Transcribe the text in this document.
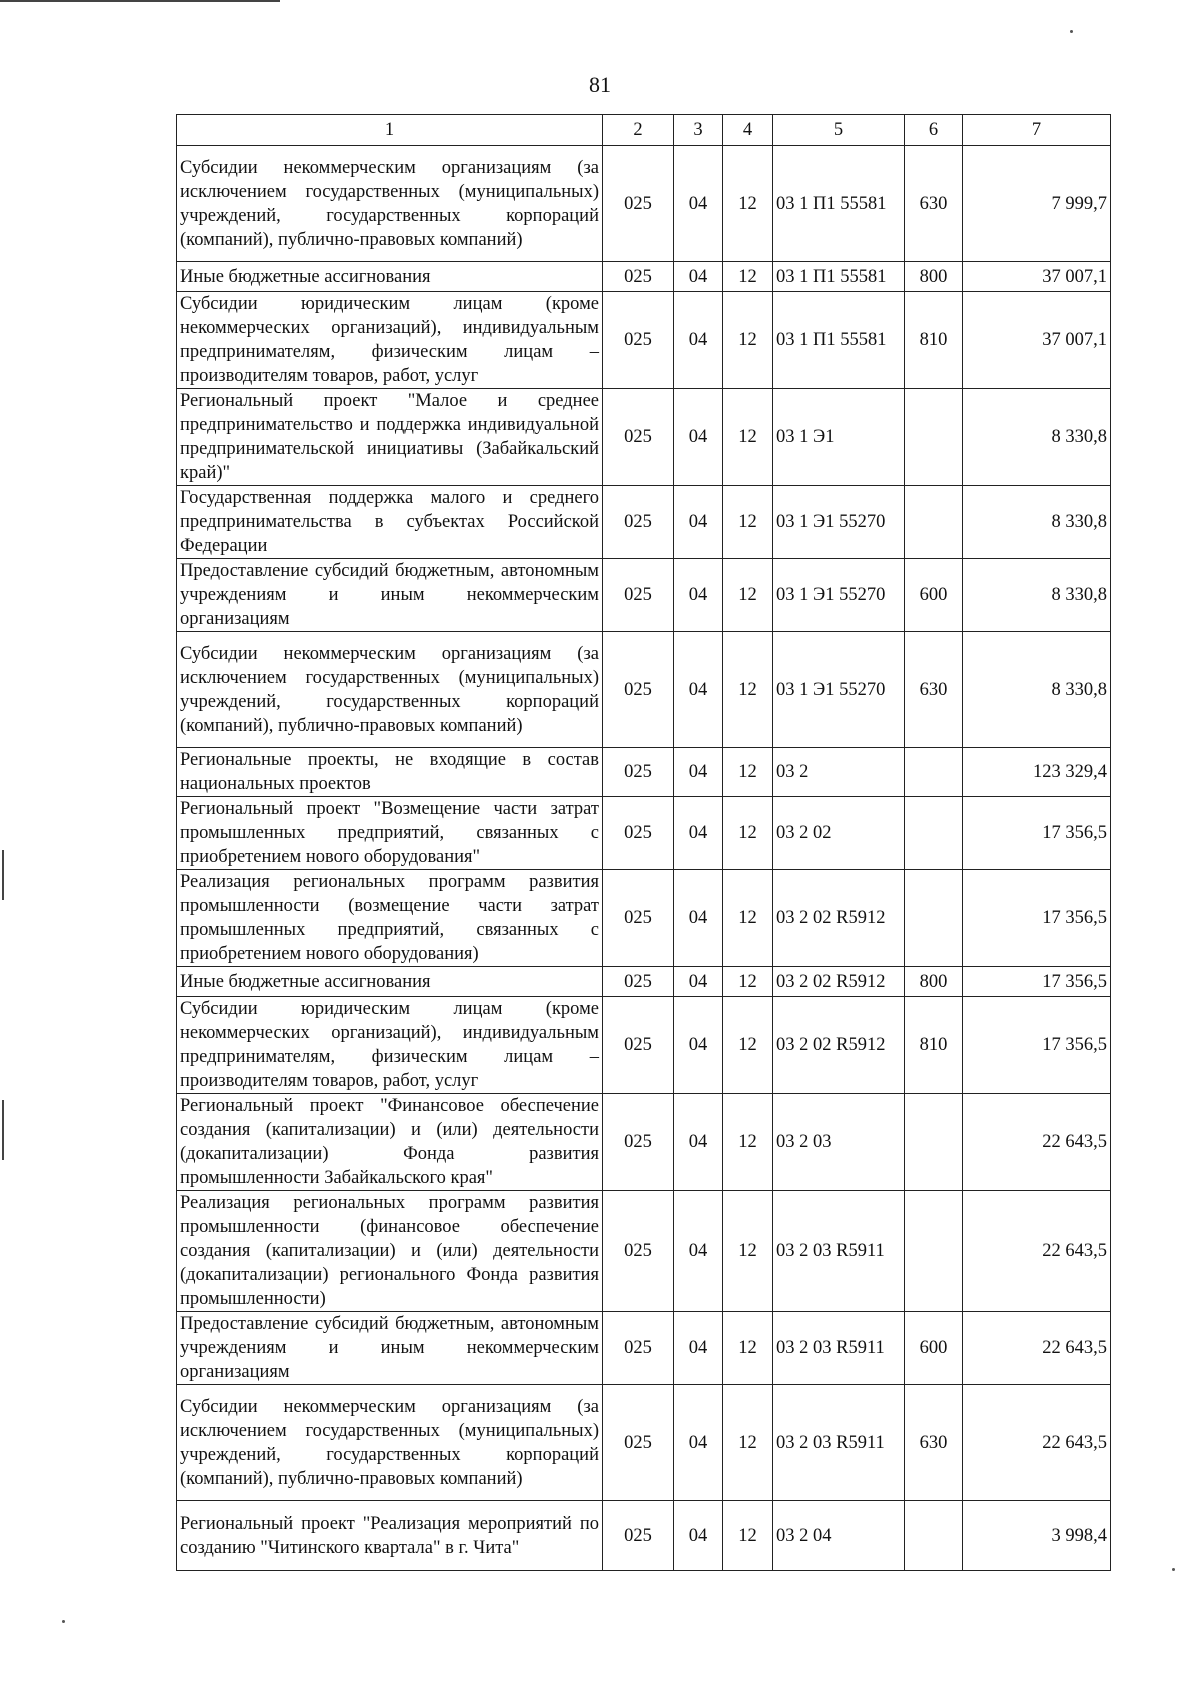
81
1	2	3	4	5	6	7
Субсидии некоммерческим организациям (за исключением государственных (муниципальных) учреждений, государственных корпораций (компаний), публично-правовых компаний)	025	04	12	03 1 П1 55581	630	7 999,7
Иные бюджетные ассигнования	025	04	12	03 1 П1 55581	800	37 007,1
Субсидии юридическим лицам (кроме некоммерческих организаций), индивидуальным предпринимателям, физическим лицам – производителям товаров, работ, услуг	025	04	12	03 1 П1 55581	810	37 007,1
Региональный проект "Малое и среднее предпринимательство и поддержка индивидуальной предпринимательской инициативы (Забайкальский край)"	025	04	12	03 1 Э1		8 330,8
Государственная поддержка малого и среднего предпринимательства в субъектах Российской Федерации	025	04	12	03 1 Э1 55270		8 330,8
Предоставление субсидий бюджетным, автономным учреждениям и иным некоммерческим организациям	025	04	12	03 1 Э1 55270	600	8 330,8
Субсидии некоммерческим организациям (за исключением государственных (муниципальных) учреждений, государственных корпораций (компаний), публично-правовых компаний)	025	04	12	03 1 Э1 55270	630	8 330,8
Региональные проекты, не входящие в состав национальных проектов	025	04	12	03 2		123 329,4
Региональный проект "Возмещение части затрат промышленных предприятий, связанных с приобретением нового оборудования"	025	04	12	03 2 02		17 356,5
Реализация региональных программ развития промышленности (возмещение части затрат промышленных предприятий, связанных с приобретением нового оборудования)	025	04	12	03 2 02 R5912		17 356,5
Иные бюджетные ассигнования	025	04	12	03 2 02 R5912	800	17 356,5
Субсидии юридическим лицам (кроме некоммерческих организаций), индивидуальным предпринимателям, физическим лицам – производителям товаров, работ, услуг	025	04	12	03 2 02 R5912	810	17 356,5
Региональный проект "Финансовое обеспечение создания (капитализации) и (или) деятельности (докапитализации) Фонда развития промышленности Забайкальского края"	025	04	12	03 2 03		22 643,5
Реализация региональных программ развития промышленности (финансовое обеспечение создания (капитализации) и (или) деятельности (докапитализации) регионального Фонда развития промышленности)	025	04	12	03 2 03 R5911		22 643,5
Предоставление субсидий бюджетным, автономным учреждениям и иным некоммерческим организациям	025	04	12	03 2 03 R5911	600	22 643,5
Субсидии некоммерческим организациям (за исключением государственных (муниципальных) учреждений, государственных корпораций (компаний), публично-правовых компаний)	025	04	12	03 2 03 R5911	630	22 643,5
Региональный проект "Реализация мероприятий по созданию "Читинского квартала" в г. Чита"	025	04	12	03 2 04		3 998,4
